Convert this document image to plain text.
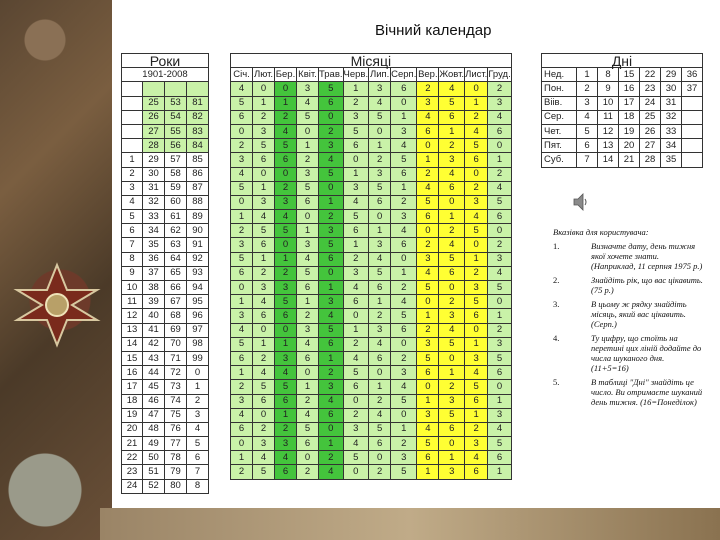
Вічний календар
Роки			
1901-2008			

	25	53	81
	26	54	82
	27	55	83
	28	56	84
1	29	57	85
2	30	58	86
3	31	59	87
4	32	60	88
5	33	61	89
6	34	62	90
7	35	63	91
8	36	64	92
9	37	65	93
10	38	66	94
11	39	67	95
12	40	68	96
13	41	69	97
14	42	70	98
15	43	71	99
16	44	72	0
17	45	73	1
18	46	74	2
19	47	75	3
20	48	76	4
21	49	77	5
22	50	78	6
23	51	79	7
24	52	80	8
Місяці											
Січ.	Лют.	Бер.	Квіт.	Трав.	Черв.	Лип.	Серп.	Вер.	Жовт.	Лист.	Груд.
4	0	0	3	5	1	3	6	2	4	0	2
5	1	1	4	6	2	4	0	3	5	1	3
6	2	2	5	0	3	5	1	4	6	2	4
0	3	4	0	2	5	0	3	6	1	4	6
2	5	5	1	3	6	1	4	0	2	5	0
3	6	6	2	4	0	2	5	1	3	6	1
4	0	0	3	5	1	3	6	2	4	0	2
5	1	2	5	0	3	5	1	4	6	2	4
0	3	3	6	1	4	6	2	5	0	3	5
1	4	4	0	2	5	0	3	6	1	4	6
2	5	5	1	3	6	1	4	0	2	5	0
3	6	0	3	5	1	3	6	2	4	0	2
5	1	1	4	6	2	4	0	3	5	1	3
6	2	2	5	0	3	5	1	4	6	2	4
0	3	3	6	1	4	6	2	5	0	3	5
1	4	5	1	3	6	1	4	0	2	5	0
3	6	6	2	4	0	2	5	1	3	6	1
4	0	0	3	5	1	3	6	2	4	0	2
5	1	1	4	6	2	4	0	3	5	1	3
6	2	3	6	1	4	6	2	5	0	3	5
1	4	4	0	2	5	0	3	6	1	4	6
2	5	5	1	3	6	1	4	0	2	5	0
3	6	6	2	4	0	2	5	1	3	6	1
4	0	1	4	6	2	4	0	3	5	1	3
6	2	2	5	0	3	5	1	4	6	2	4
0	3	3	6	1	4	6	2	5	0	3	5
1	4	4	0	2	5	0	3	6	1	4	6
2	5	6	2	4	0	2	5	1	3	6	1
Дні						
Нед.	1	8	15	22	29	36
Пон.	2	9	16	23	30	37
Віів.	3	10	17	24	31	
Сер.	4	11	18	25	32	
Чет.	5	12	19	26	33	
Пят.	6	13	20	27	34	
Суб.	7	14	21	28	35	
Вказівка для користувача:
1.	Визначте дату, день тижня якої хочете знати. (Наприклад, 11 серпня 1975 р.)
2.	Знайдіть рік, що вас цікавить. (75 р.)
3.	В цьому ж рядку знайдіть місяць, який вас цікавить. (Серп.)
4.	Ту цифру, що стоїть на перетині цих ліній додайте до числа шуканого дня. (11+5=16)
5.	В таблиці "Дні" знайдіть це число. Ви отримаєте шуканий день тижня. (16=Понеділок)
